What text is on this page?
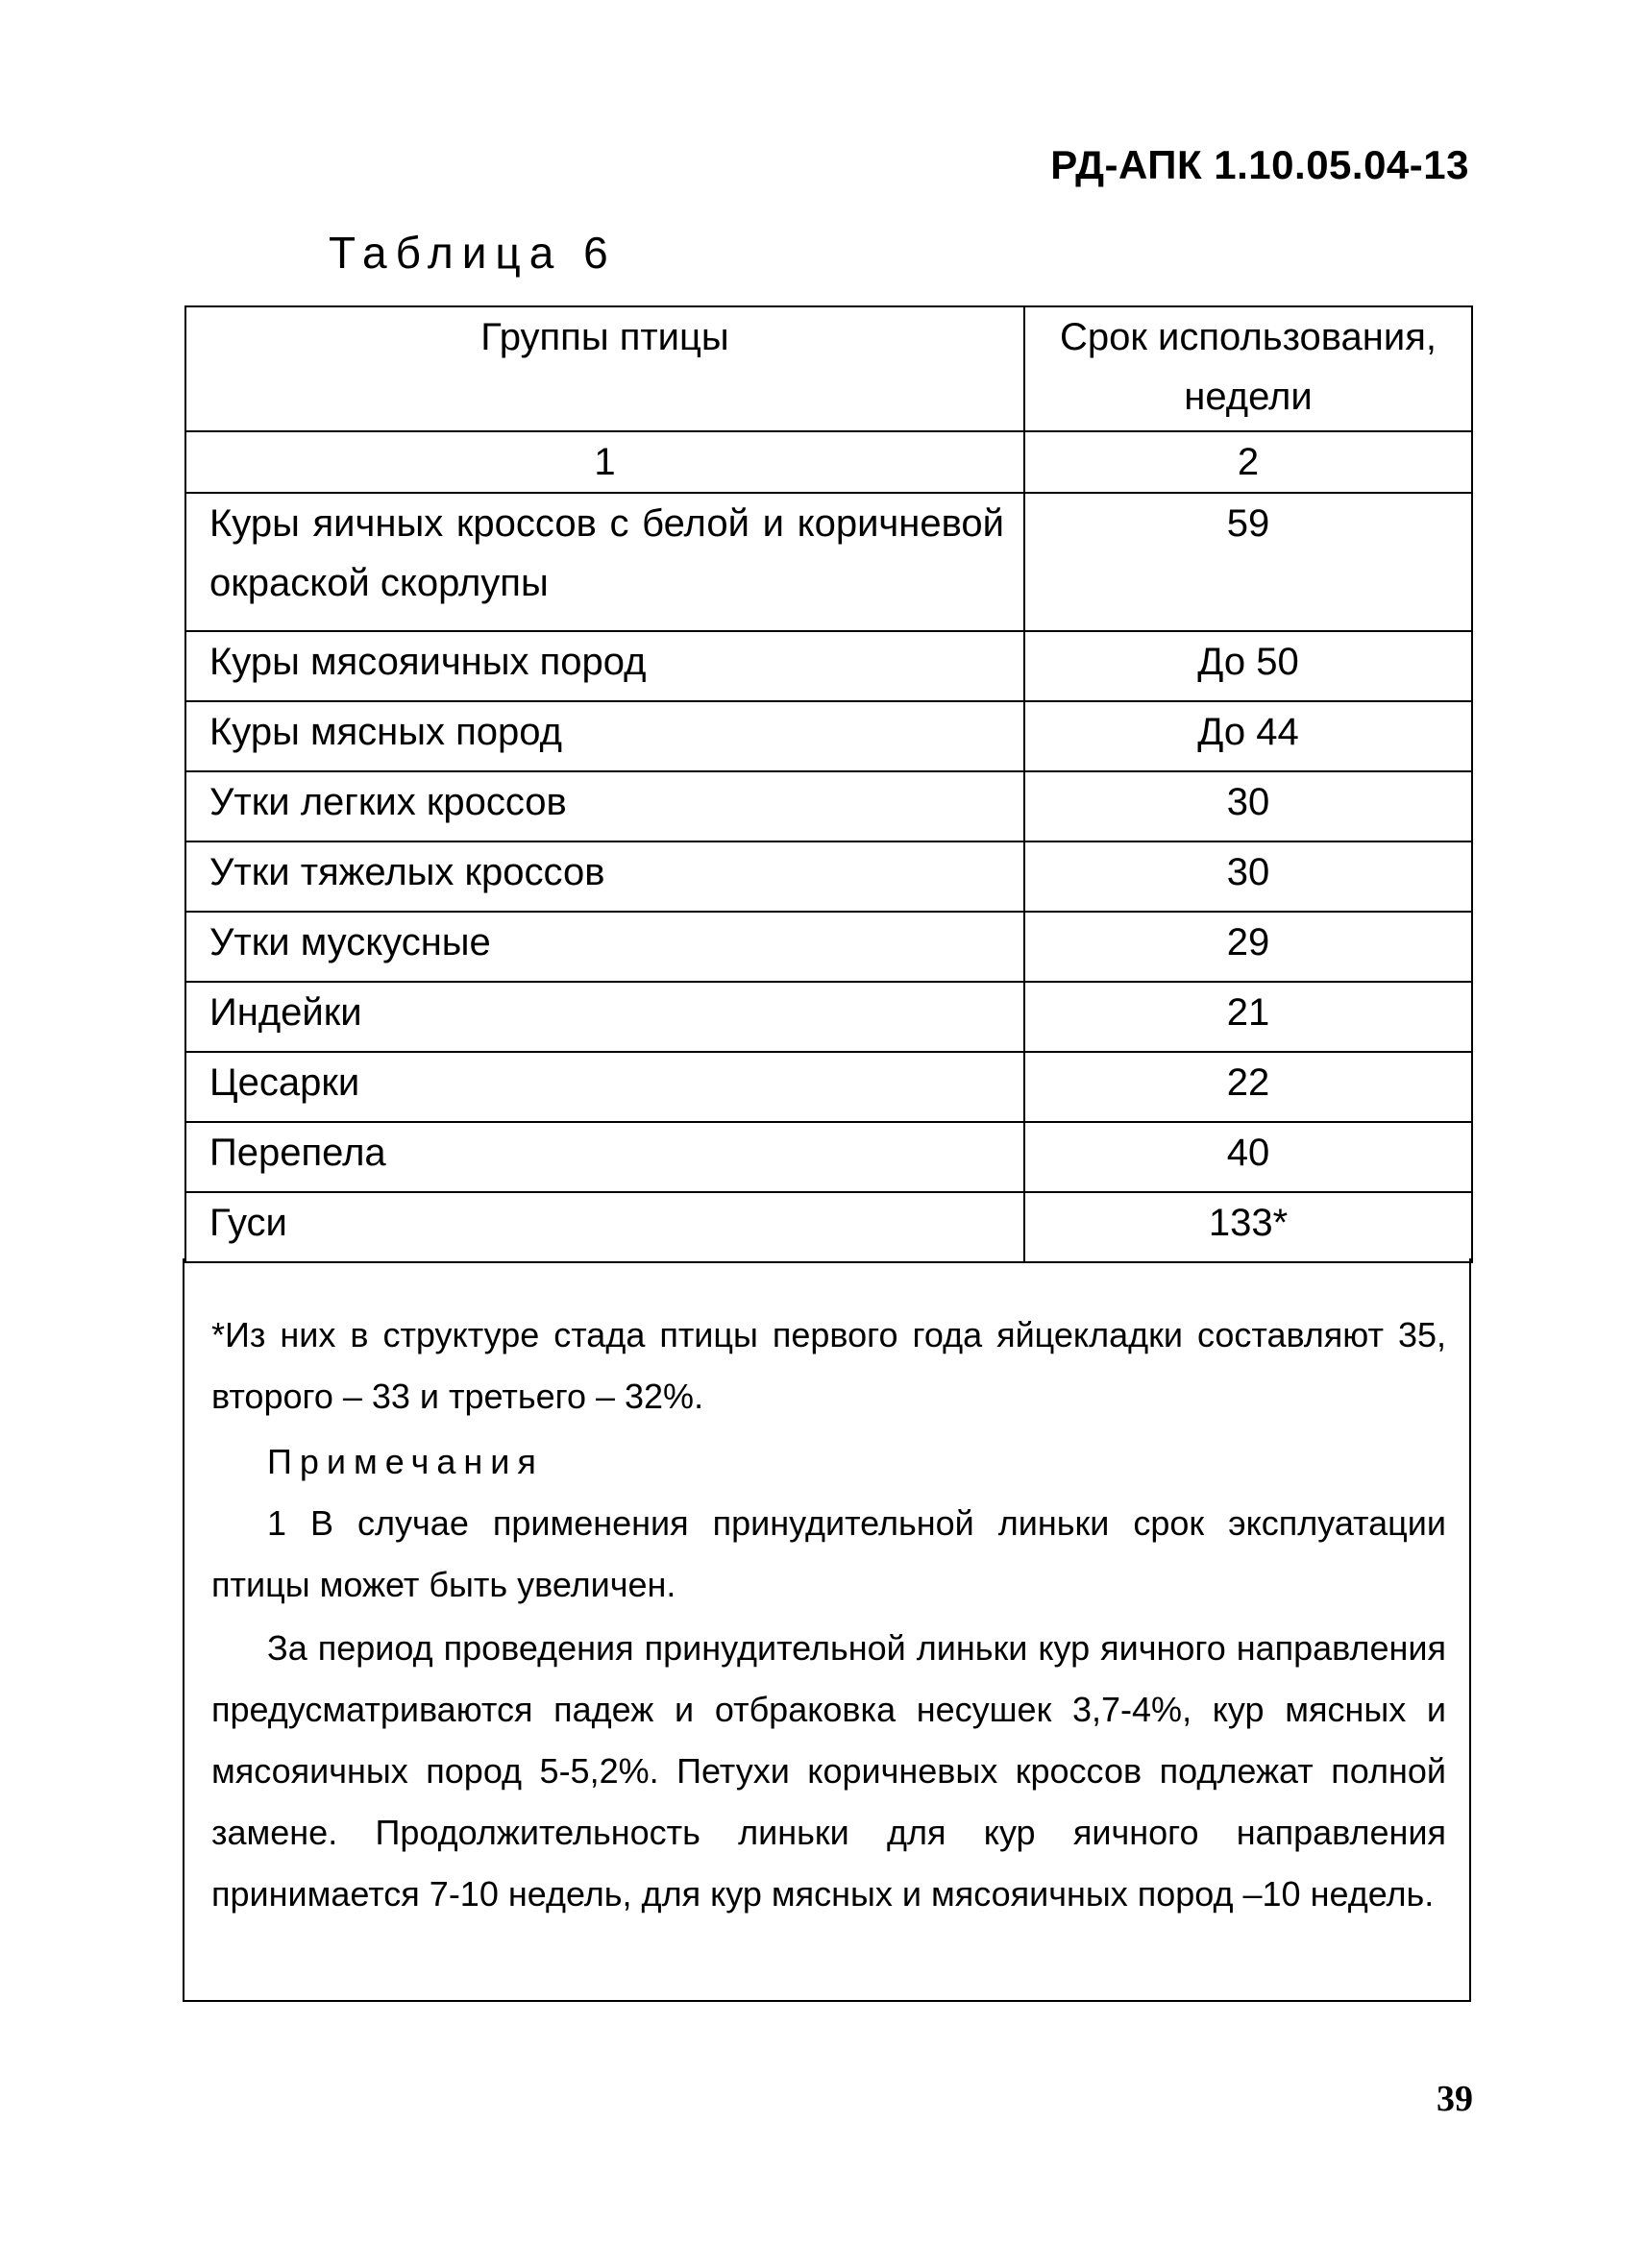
РД-АПК 1.10.05.04-13
Таблица 6
Группы птицы	Срок использования, недели
1	2
Куры яичных кроссов с белой и коричневой окраской скорлупы	59
Куры мясояичных пород	До 50
Куры мясных пород	До 44
Утки легких кроссов	30
Утки тяжелых кроссов	30
Утки мускусные	29
Индейки	21
Цесарки	22
Перепела	40
Гуси	133*

*Из них в структуре стада птицы первого года яйцекладки составляют 35, второго – 33 и третьего – 32%.

Примечания

1 В случае применения принудительной линьки срок эксплуатации птицы может быть увеличен.

За период проведения принудительной линьки кур яичного направления предусматриваются падеж и отбраковка несушек 3,7-4%, кур мясных и мясояичных пород 5-5,2%. Петухи коричневых кроссов подлежат полной замене. Продолжительность линьки для кур яичного направления принимается 7-10 недель, для кур мясных и мясояичных пород –10 недель.

39
